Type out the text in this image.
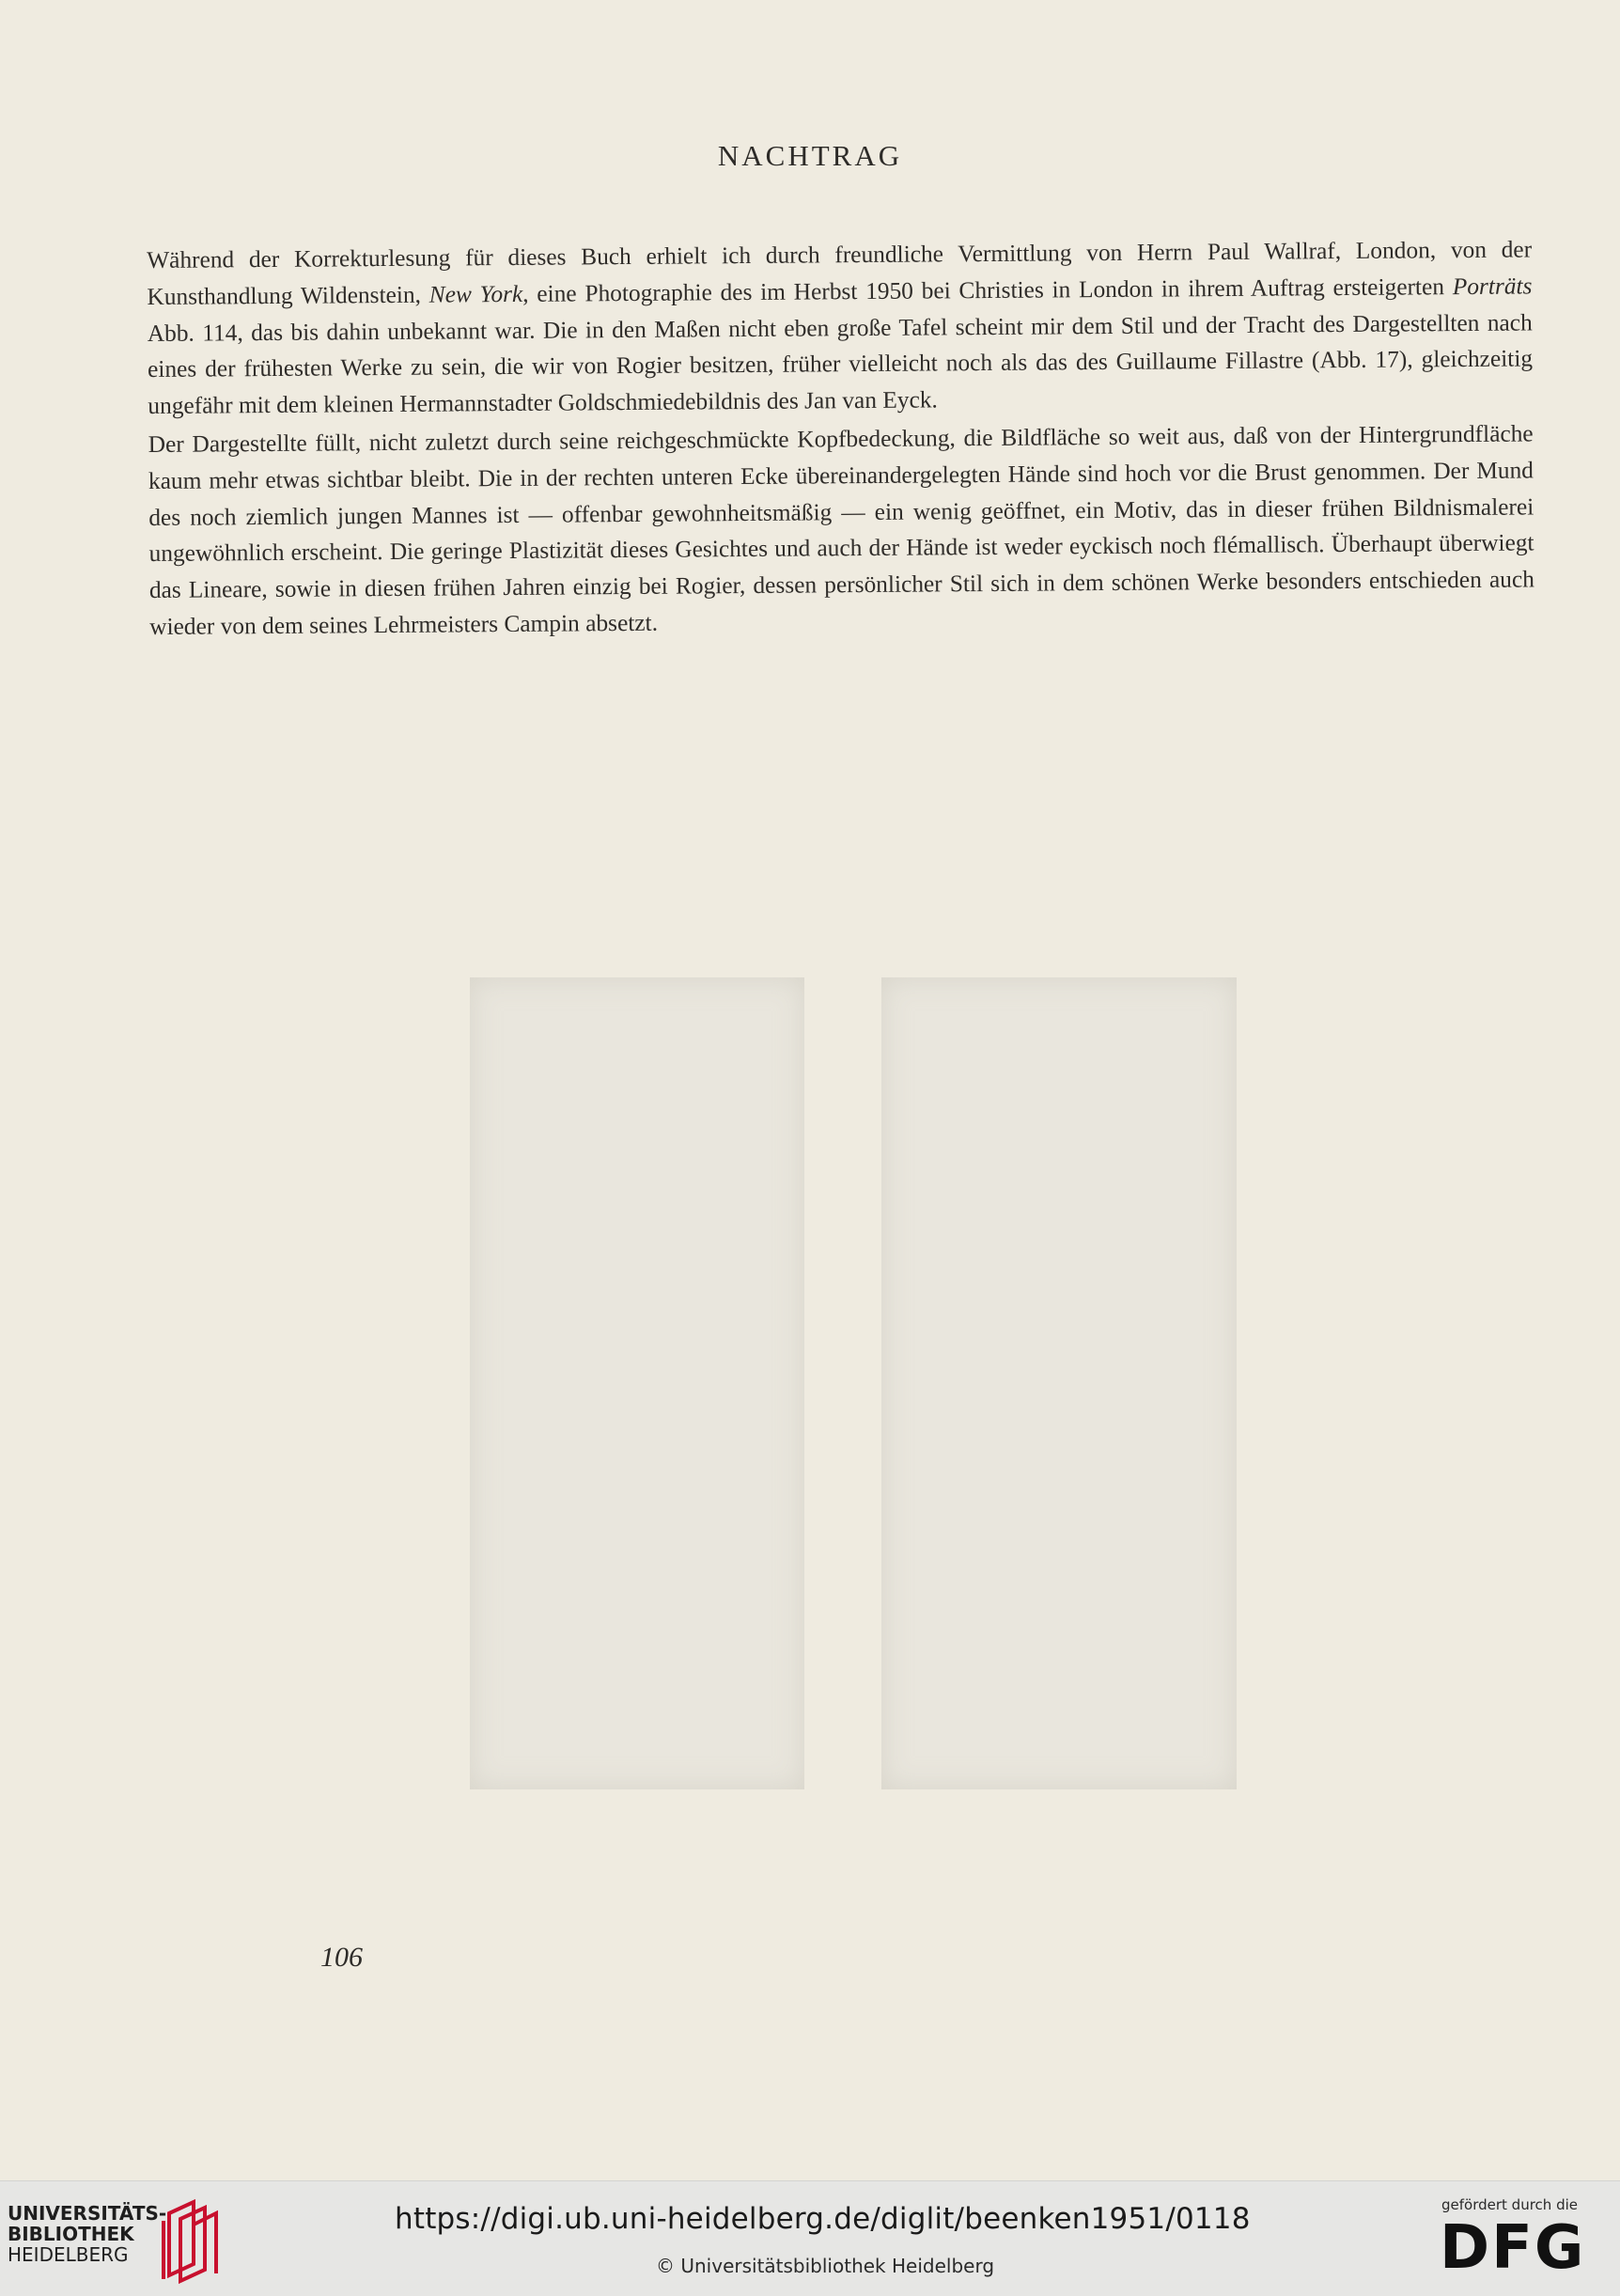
NACHTRAG

Während der Korrekturlesung für dieses Buch erhielt ich durch freundliche Vermittlung von Herrn Paul Wallraf, London, von der Kunsthandlung Wildenstein, New York, eine Photographie des im Herbst 1950 bei Christies in London in ihrem Auftrag ersteigerten Porträts Abb. 114, das bis dahin unbekannt war. Die in den Maßen nicht eben große Tafel scheint mir dem Stil und der Tracht des Dargestellten nach eines der frühesten Werke zu sein, die wir von Rogier besitzen, früher vielleicht noch als das des Guillaume Fillastre (Abb. 17), gleichzeitig ungefähr mit dem kleinen Hermannstadter Goldschmiedebildnis des Jan van Eyck.

Der Dargestellte füllt, nicht zuletzt durch seine reichgeschmückte Kopfbedeckung, die Bildfläche so weit aus, daß von der Hintergrundfläche kaum mehr etwas sichtbar bleibt. Die in der rechten unteren Ecke übereinandergelegten Hände sind hoch vor die Brust genommen. Der Mund des noch ziemlich jungen Mannes ist — offenbar gewohnheitsmäßig — ein wenig geöffnet, ein Motiv, das in dieser frühen Bildnismalerei ungewöhnlich erscheint. Die geringe Plastizität dieses Gesichtes und auch der Hände ist weder eyckisch noch flémallisch. Überhaupt überwiegt das Lineare, sowie in diesen frühen Jahren einzig bei Rogier, dessen persönlicher Stil sich in dem schönen Werke besonders entschieden auch wieder von dem seines Lehrmeisters Campin absetzt.

106
UNIVERSITÄTS-
BIBLIOTHEK
HEIDELBERG
https://digi.ub.uni-heidelberg.de/diglit/beenken1951/0118
© Universitätsbibliothek Heidelberg
gefördert durch die
DFG
